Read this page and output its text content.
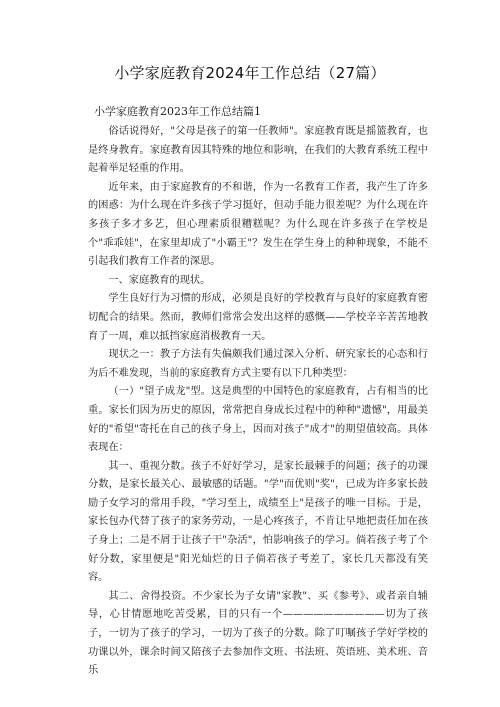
小学家庭教育2024年工作总结（27篇）
小学家庭教育2023年工作总结篇1

俗话说得好，"父母是孩子的第一任教师"。家庭教育既是摇篮教育，也是终身教育。家庭教育因其特殊的地位和影响，在我们的大教育系统工程中起着举足轻重的作用。

近年来，由于家庭教育的不和谐，作为一名教育工作者，我产生了许多的困惑：为什么现在许多孩子学习挺好，但动手能力很差呢？为什么现在许多孩子多才多艺，但心理素质很糟糕呢？为什么现在许多孩子在学校是个"乖乖娃"，在家里却成了"小霸王"？发生在学生身上的种种现象，不能不引起我们教育工作者的深思。

一、家庭教育的现状。

学生良好行为习惯的形成，必须是良好的学校教育与良好的家庭教育密切配合的结果。然而，教师们常常会发出这样的感慨——学校辛辛苦苦地教育了一周，难以抵挡家庭消极教育一天。

现状之一：教子方法有失偏颇我们通过深入分析、研究家长的心态和行为后不难发现，当前的家庭教育方式主要有以下几种类型：

（一）"望子成龙"型。这是典型的中国特色的家庭教育，占有相当的比重。家长们因为历史的原因，常常把自身成长过程中的种种"遗憾"，用最美好的"希望"寄托在自己的孩子身上，因而对孩子"成才"的期望值较高。具体表现在：

其一、重视分数。孩子不好好学习，是家长最棘手的问题；孩子的功课分数，是家长最关心、最敏感的话题。"学"而优则"奖"，已成为许多家长鼓励子女学习的常用手段，"学习至上，成绩至上"是孩子的唯一目标。于是，家长包办代替了孩子的家务劳动，一是心疼孩子，不肯让早地把责任加在孩子身上；二是不屑于让孩子干"杂活"，怕影响孩子的学习。倘若孩子考了个好分数，家里便是"阳光灿烂的日子倘若孩子考差了，家长几天都没有笑容。

其二、舍得投资。不少家长为子女请"家教"、买《参考》、或者亲自辅导，心甘情愿地吃苦受累，目的只有一个——————————切为了孩子，一切为了孩子的学习，一切为了孩子的分数。除了叮嘱孩子学好学校的功课以外，课余时间又陪孩子去参加作文班、书法班、英语班、美术班、音乐
